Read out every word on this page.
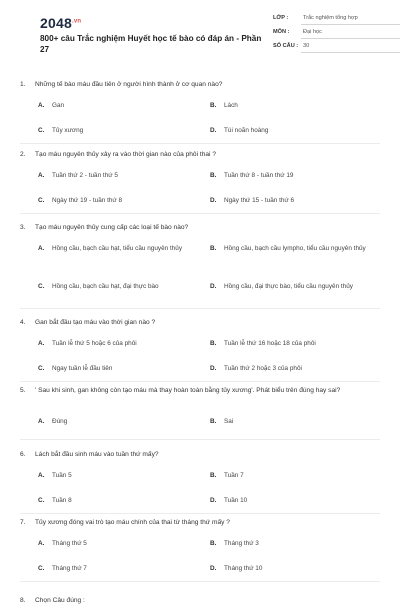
$2048^{.vn}$
800+ câu Trắc nghiệm Huyết học tế bào có đáp án - Phần 27
LỚP :	Trắc nghiệm tổng hợp
MÔN : Đại học
SỐ CÂU : 30
1. Những tế bào máu đầu tiên ở người hình thành ở cơ quan nào?
A. Gan	B. Lách
C. Tủy xương	D. Túi noãn hoàng
2. Tạo máu nguyên thủy xảy ra vào thời gian nào của phôi thai ?
A. Tuần thứ 2 - tuần thứ 5	B. Tuần thứ 8 - tuần thứ 19
C. Ngày thứ 19 - tuần thứ 8	D. Ngày thứ 15 - tuần thứ 6
3. Tạo máu nguyên thủy cung cấp các loại tế bào nào?
A. Hồng cầu, bạch cầu hạt, tiểu cầu nguyên thủy	B. Hồng cầu, bạch cầu lympho, tiểu cầu nguyên thủy
C. Hồng cầu, bạch cầu hạt, đại thực bào	D. Hồng cầu, đại thực bào, tiểu cầu nguyên thủy
4. Gan bắt đầu tạo máu vào thời gian nào ?
A. Tuần lễ thứ 5 hoặc 6 của phôi	B. Tuần lễ thứ 16 hoặc 18 của phôi
C. Ngay tuần lễ đầu tiên	D. Tuần thứ 2 hoặc 3 của phôi
5.	' Sau khi sinh, gan không còn tạo máu mà thay hoàn toàn bằng tủy xương'. Phát biểu trên đúng hay sai?
A. Đúng	B. Sai
6. Lách bắt đầu sinh máu vào tuần thứ mấy?
A. Tuần 5	B. Tuần 7
C. Tuần 8	D. Tuần 10
7. Tủy xương đóng vai trò tạo máu chính của thai từ tháng thứ mấy ?
A. Tháng thứ 5	B. Tháng thứ 3
C. Tháng thứ 7	D. Tháng thứ 10
8. Chọn Câu đúng :
